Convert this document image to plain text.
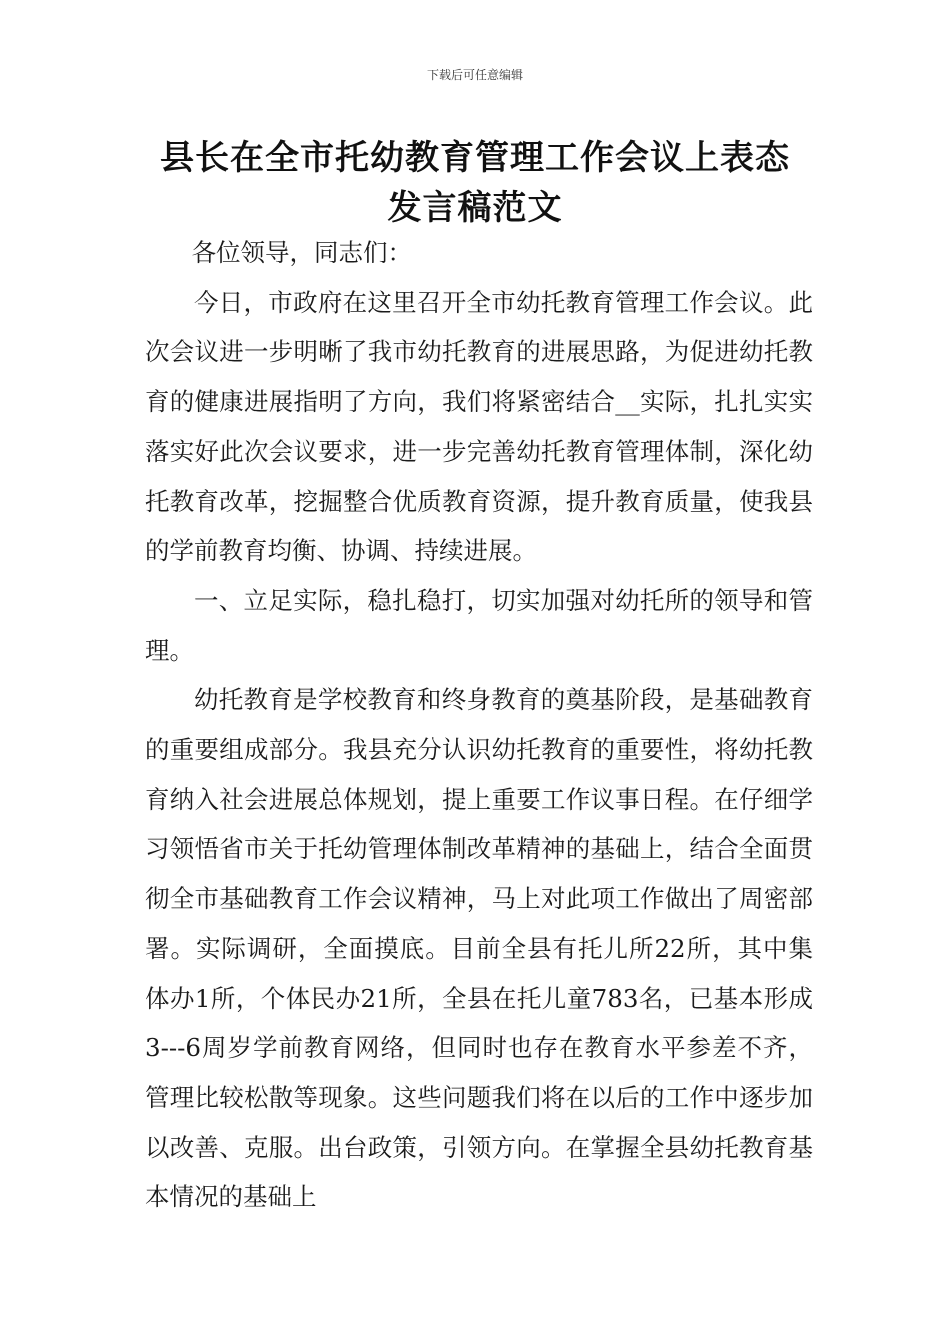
下载后可任意编辑
县长在全市托幼教育管理工作会议上表态
发言稿范文

各位领导，同志们：

今日，市政府在这里召开全市幼托教育管理工作会议。此次会议进一步明晰了我市幼托教育的进展思路，为促进幼托教育的健康进展指明了方向，我们将紧密结合__实际，扎扎实实落实好此次会议要求，进一步完善幼托教育管理体制，深化幼托教育改革，挖掘整合优质教育资源，提升教育质量，使我县的学前教育均衡、协调、持续进展。

一、立足实际，稳扎稳打，切实加强对幼托所的领导和管理。

幼托教育是学校教育和终身教育的奠基阶段，是基础教育的重要组成部分。我县充分认识幼托教育的重要性，将幼托教育纳入社会进展总体规划，提上重要工作议事日程。在仔细学习领悟省市关于托幼管理体制改革精神的基础上，结合全面贯彻全市基础教育工作会议精神，马上对此项工作做出了周密部署。实际调研，全面摸底。目前全县有托儿所22所，其中集体办1所，个体民办21所，全县在托儿童783名，已基本形成3---6周岁学前教育网络，但同时也存在教育水平参差不齐，管理比较松散等现象。这些问题我们将在以后的工作中逐步加以改善、克服。出台政策，引领方向。在掌握全县幼托教育基本情况的基础上
